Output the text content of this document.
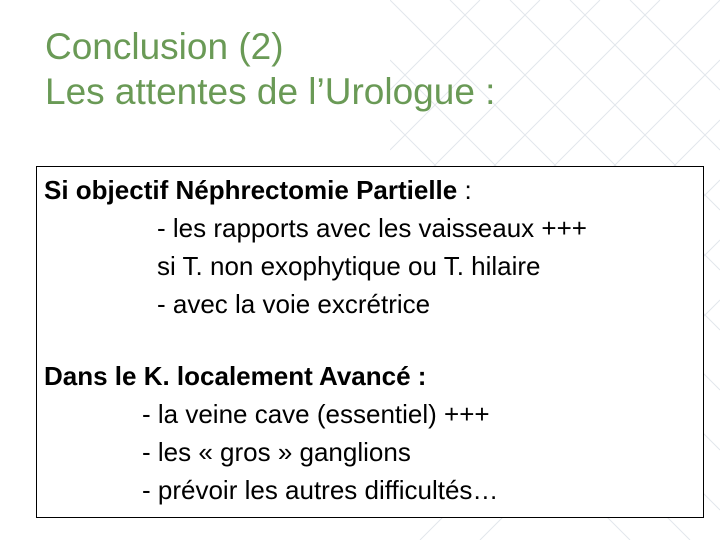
Conclusion (2)
Les attentes de l’Urologue :
Si objectif Néphrectomie Partielle :
- les rapports avec les vaisseaux +++
si T. non exophytique ou T. hilaire
- avec la voie excrétrice
Dans le K. localement Avancé :
- la veine cave (essentiel) +++
- les « gros » ganglions
- prévoir les autres difficultés…
